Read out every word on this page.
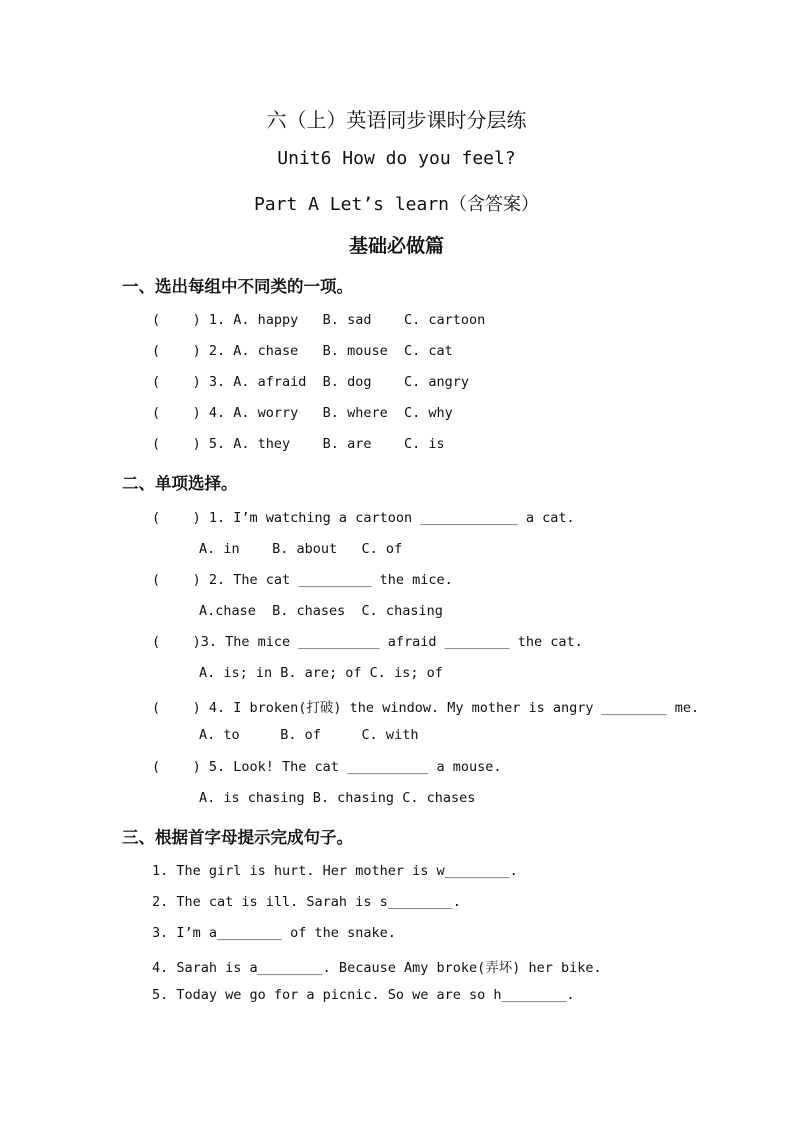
六（上）英语同步课时分层练
Unit6 How do you feel?
Part A Let’s learn（含答案）
基础必做篇
一、选出每组中不同类的一项。
(    ) 1. A. happy   B. sad    C. cartoon
(    ) 2. A. chase   B. mouse  C. cat
(    ) 3. A. afraid  B. dog    C. angry
(    ) 4. A. worry   B. where  C. why
(    ) 5. A. they    B. are    C. is
二、单项选择。
(    ) 1. I’m watching a cartoon ____________ a cat.
A. in    B. about   C. of
(    ) 2. The cat _________ the mice.
A.chase  B. chases  C. chasing
(    )3. The mice __________ afraid ________ the cat.
A. is; in B. are; of C. is; of
(    ) 4. I broken(打破) the window. My mother is angry ________ me.
A. to     B. of     C. with
(    ) 5. Look! The cat __________ a mouse.
A. is chasing B. chasing C. chases
三、根据首字母提示完成句子。
1. The girl is hurt. Her mother is w________.
2. The cat is ill. Sarah is s________.
3. I’m a________ of the snake.
4. Sarah is a________. Because Amy broke(弄坏) her bike.
5. Today we go for a picnic. So we are so h________.
